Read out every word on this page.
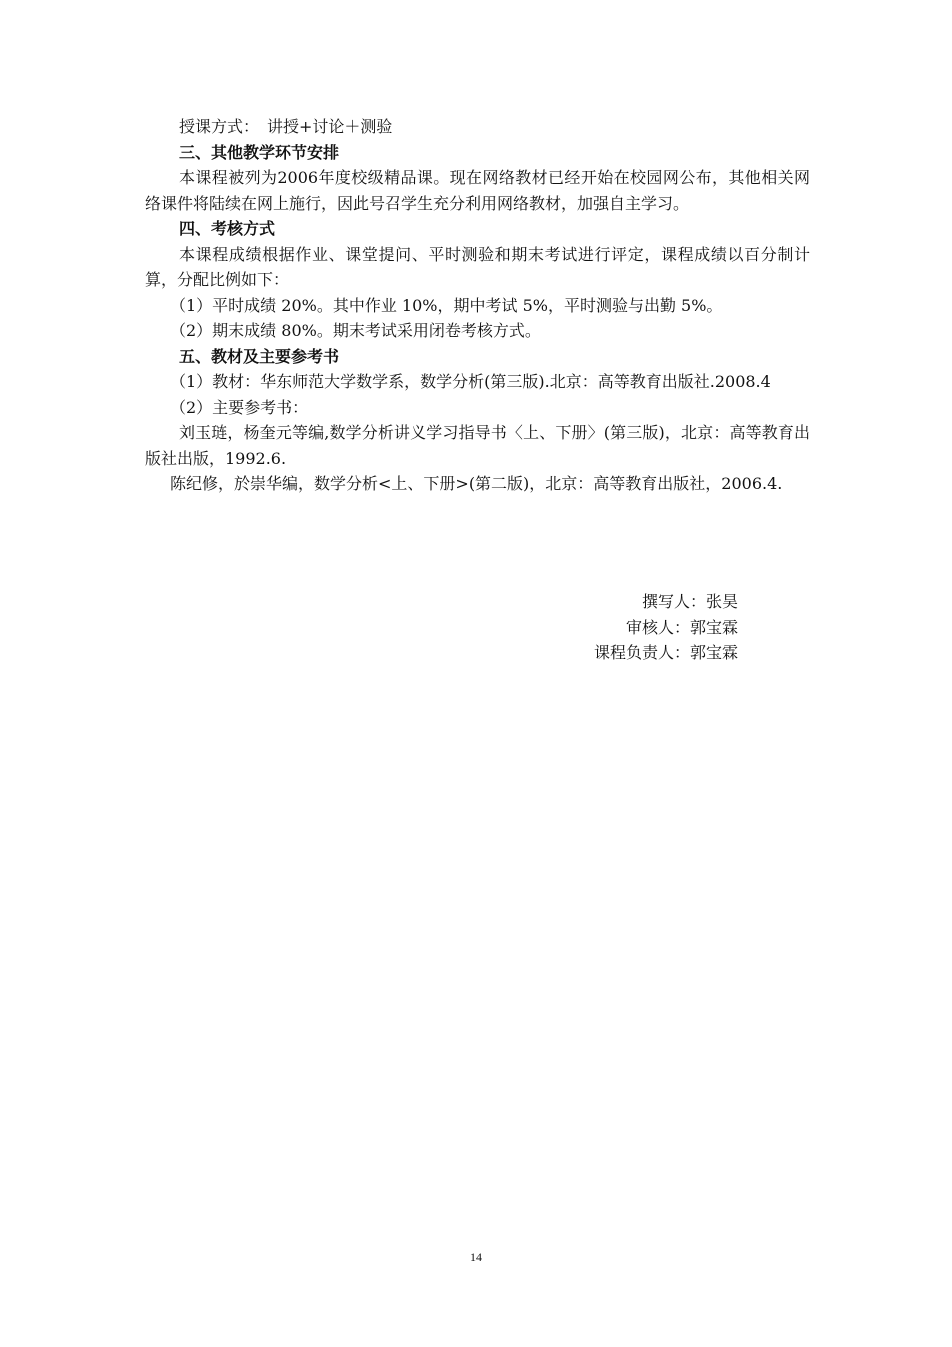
授课方式：　讲授+讨论＋测验

三、其他教学环节安排

本课程被列为2006年度校级精品课。现在网络教材已经开始在校园网公布，其他相关网络课件将陆续在网上施行，因此号召学生充分利用网络教材，加强自主学习。

四、考核方式

本课程成绩根据作业、课堂提问、平时测验和期末考试进行评定，课程成绩以百分制计算，分配比例如下：

（1）平时成绩 20%。其中作业 10%，期中考试 5%，平时测验与出勤 5%。

（2）期末成绩 80%。期末考试采用闭卷考核方式。

五、教材及主要参考书

（1）教材：华东师范大学数学系，数学分析(第三版).北京：高等教育出版社.2008.4

（2）主要参考书：

刘玉琏，杨奎元等编,数学分析讲义学习指导书〈上、下册〉(第三版)，北京：高等教育出版社出版，1992.6.

陈纪修，於崇华编，数学分析<上、下册>(第二版)，北京：高等教育出版社，2006.4.

撰写人：张昊
审核人：郭宝霖
课程负责人：郭宝霖
14
